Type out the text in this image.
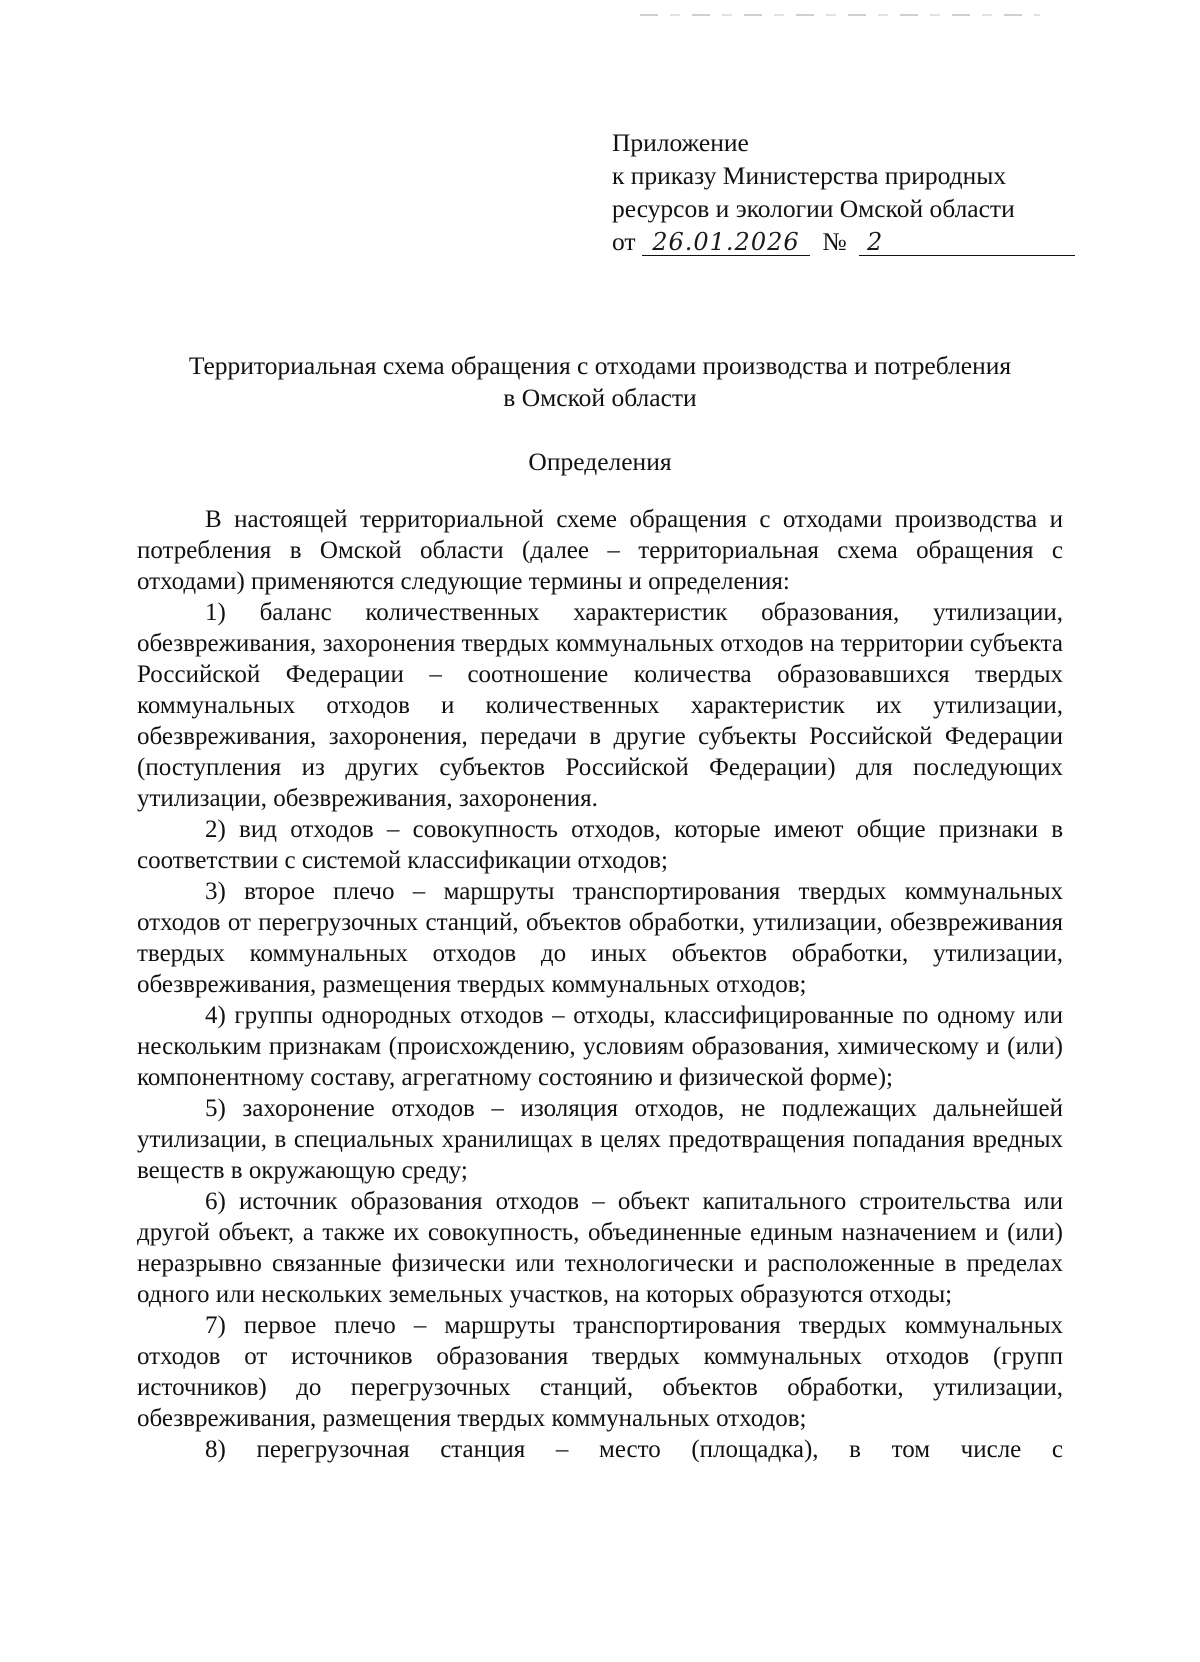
Приложение
к приказу Министерства природных
ресурсов и экологии Омской области
от 26.01.2026 № 2
Территориальная схема обращения с отходами производства и потребления
в Омской области
Определения

В настоящей территориальной схеме обращения с отходами производства и потребления в Омской области (далее – территориальная схема обращения с отходами) применяются следующие термины и определения:

1) баланс количественных характеристик образования, утилизации, обезвреживания, захоронения твердых коммунальных отходов на территории субъекта Российской Федерации – соотношение количества образовавшихся твердых коммунальных отходов и количественных характеристик их утилизации, обезвреживания, захоронения, передачи в другие субъекты Российской Федерации (поступления из других субъектов Российской Федерации) для последующих утилизации, обезвреживания, захоронения.

2) вид отходов – совокупность отходов, которые имеют общие признаки в соответствии с системой классификации отходов;

3) второе плечо – маршруты транспортирования твердых коммунальных отходов от перегрузочных станций, объектов обработки, утилизации, обезвреживания твердых коммунальных отходов до иных объектов обработки, утилизации, обезвреживания, размещения твердых коммунальных отходов;

4) группы однородных отходов – отходы, классифицированные по одному или нескольким признакам (происхождению, условиям образования, химическому и (или) компонентному составу, агрегатному состоянию и физической форме);

5) захоронение отходов – изоляция отходов, не подлежащих дальнейшей утилизации, в специальных хранилищах в целях предотвращения попадания вредных веществ в окружающую среду;

6) источник образования отходов – объект капитального строительства или другой объект, а также их совокупность, объединенные единым назначением и (или) неразрывно связанные физически или технологически и расположенные в пределах одного или нескольких земельных участков, на которых образуются отходы;

7) первое плечо – маршруты транспортирования твердых коммунальных отходов от источников образования твердых коммунальных отходов (групп источников) до перегрузочных станций, объектов обработки, утилизации, обезвреживания, размещения твердых коммунальных отходов;

8) перегрузочная станция – место (площадка), в том числе с
